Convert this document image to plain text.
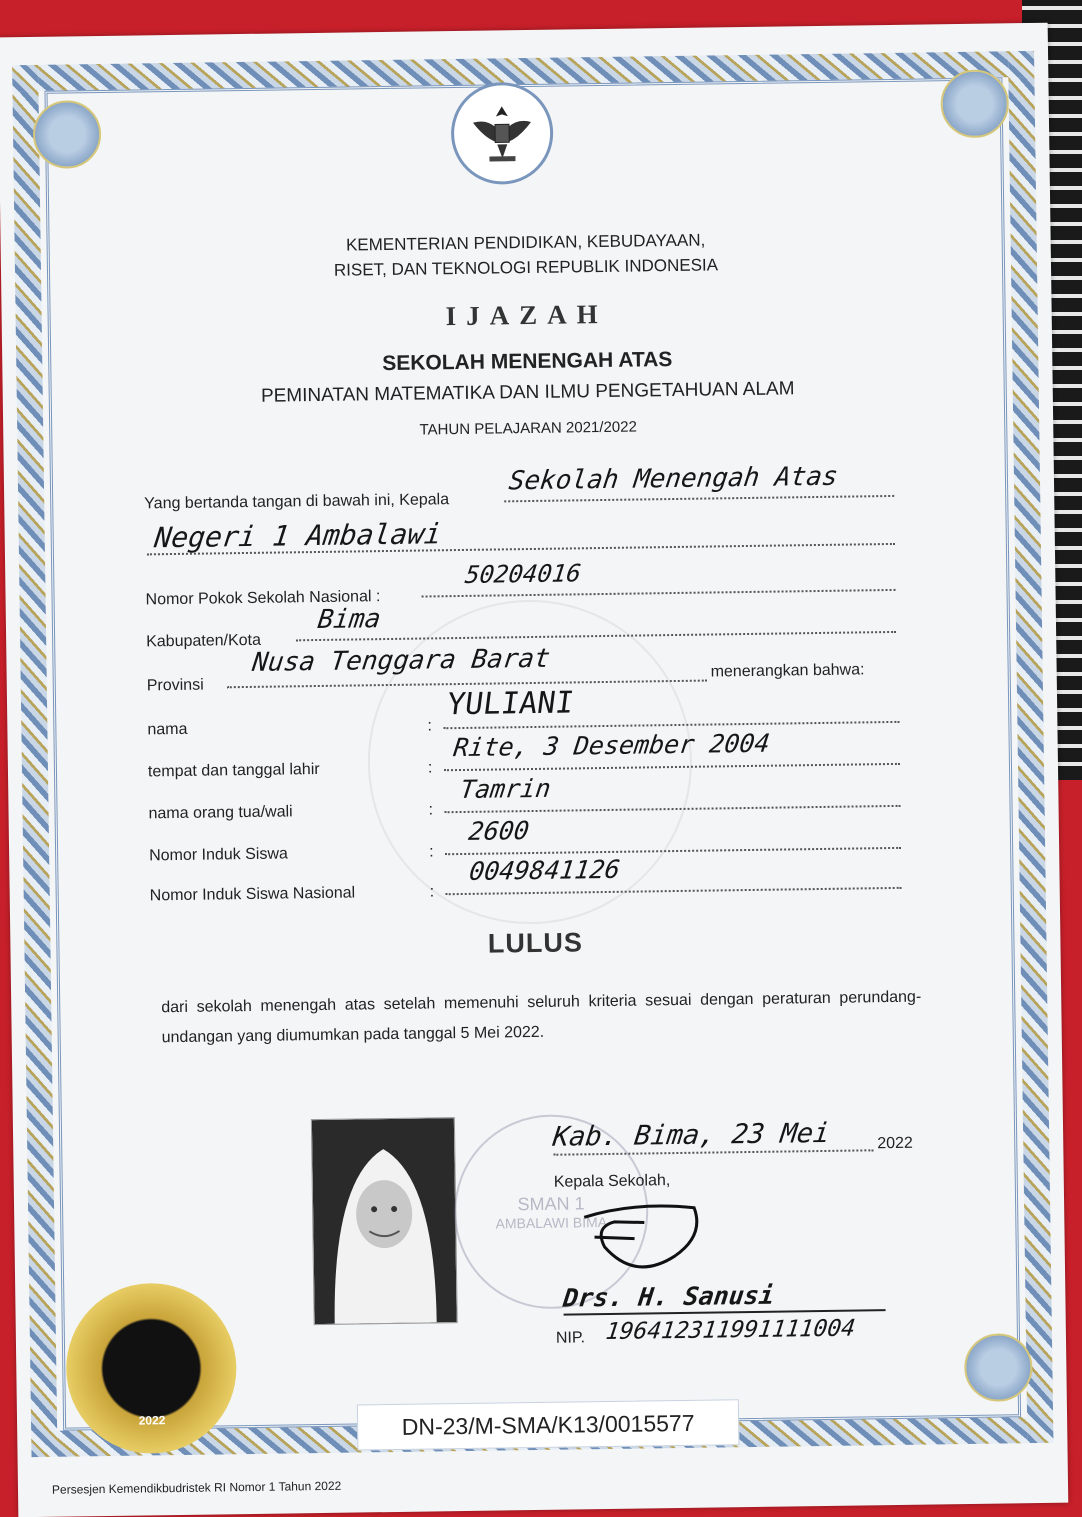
KEMENTERIAN PENDIDIKAN, KEBUDAYAAN,
RISET, DAN TEKNOLOGI REPUBLIK INDONESIA
IJAZAH
SEKOLAH MENENGAH ATAS
PEMINATAN MATEMATIKA DAN ILMU PENGETAHUAN ALAM
TAHUN PELAJARAN 2021/2022
Yang bertanda tangan di bawah ini, Kepala
Sekolah Menengah Atas
Negeri 1 Ambalawi
Nomor Pokok Sekolah Nasional :
50204016
Kabupaten/Kota
Bima
Provinsi
Nusa Tenggara Barat	menerangkan bahwa:
nama	:
YULIANI
tempat dan tanggal lahir	:
Rite, 3 Desember 2004
nama orang tua/wali	:
Tamrin
Nomor Induk Siswa	:
2600
Nomor Induk Siswa Nasional	:
0049841126
LULUS
dari sekolah menengah atas setelah memenuhi seluruh kriteria sesuai dengan peraturan perundang-undangan yang diumumkan pada tanggal 5 Mei 2022.
SMAN 1
AMBALAWI BIMA
Kab. Bima, 23 Mei	2022
Kepala Sekolah,
Drs. H. Sanusi
NIP. 196412311991111004
2022	DN-23/M-SMA/K13/0015577
Persesjen Kemendikbudristek RI Nomor 1 Tahun 2022
